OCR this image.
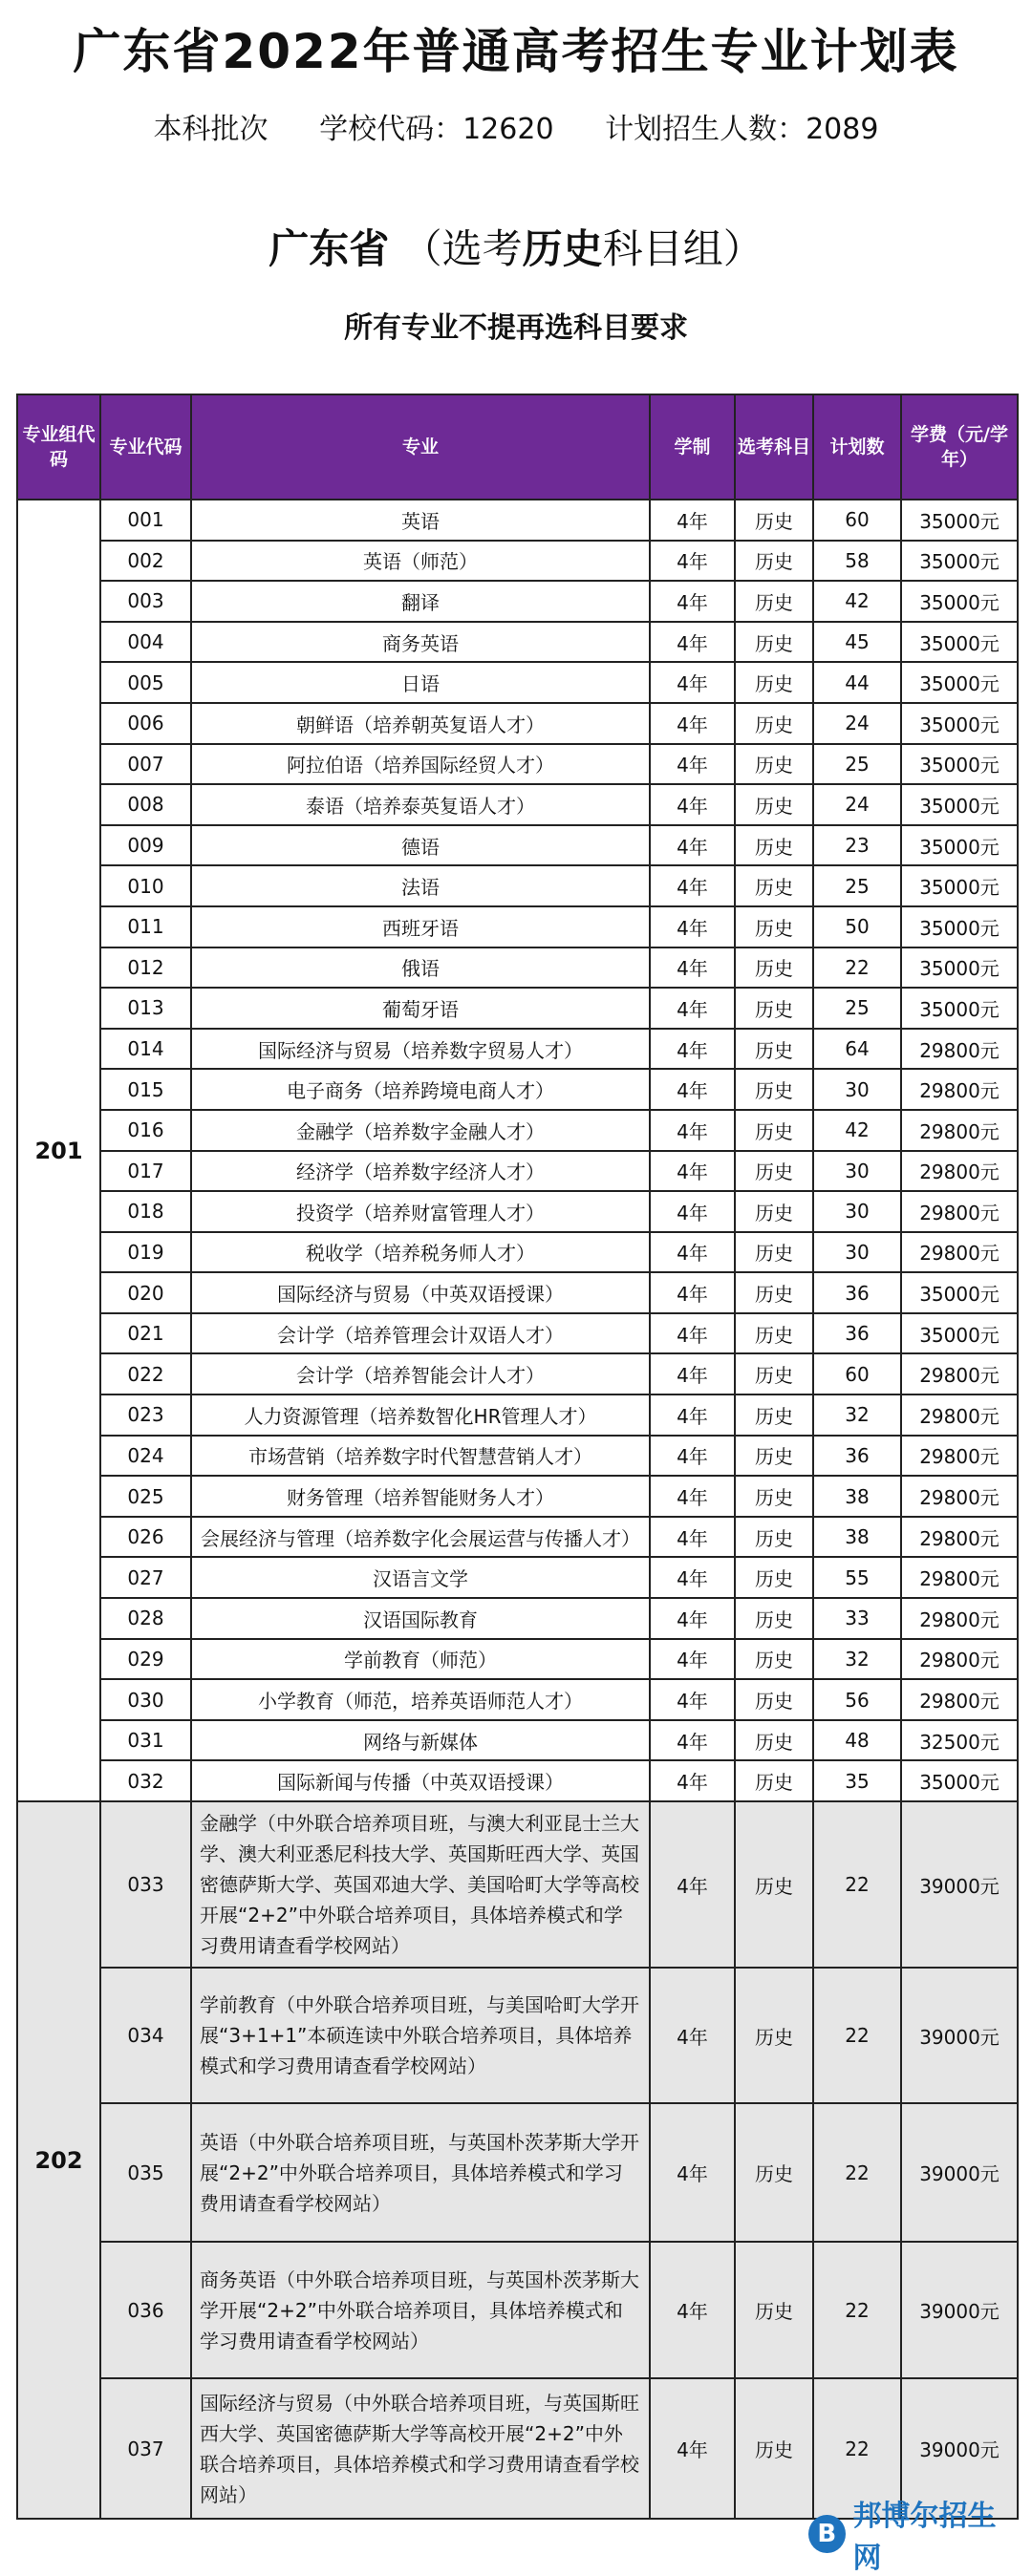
广东省2022年普通高考招生专业计划表
本科批次 学校代码：12620 计划招生人数：2089
广东省 （选考历史科目组）
所有专业不提再选科目要求
专业组代码	专业代码	专业	学制	选考科目	计划数	学费（元/学年）
201	001	英语	4年	历史	60	35000元
	002	英语（师范）	4年	历史	58	35000元
	003	翻译	4年	历史	42	35000元
	004	商务英语	4年	历史	45	35000元
	005	日语	4年	历史	44	35000元
	006	朝鲜语（培养朝英复语人才）	4年	历史	24	35000元
	007	阿拉伯语（培养国际经贸人才）	4年	历史	25	35000元
	008	泰语（培养泰英复语人才）	4年	历史	24	35000元
	009	德语	4年	历史	23	35000元
	010	法语	4年	历史	25	35000元
	011	西班牙语	4年	历史	50	35000元
	012	俄语	4年	历史	22	35000元
	013	葡萄牙语	4年	历史	25	35000元
	014	国际经济与贸易（培养数字贸易人才）	4年	历史	64	29800元
	015	电子商务（培养跨境电商人才）	4年	历史	30	29800元
	016	金融学（培养数字金融人才）	4年	历史	42	29800元
	017	经济学（培养数字经济人才）	4年	历史	30	29800元
	018	投资学（培养财富管理人才）	4年	历史	30	29800元
	019	税收学（培养税务师人才）	4年	历史	30	29800元
	020	国际经济与贸易（中英双语授课）	4年	历史	36	35000元
	021	会计学（培养管理会计双语人才）	4年	历史	36	35000元
	022	会计学（培养智能会计人才）	4年	历史	60	29800元
	023	人力资源管理（培养数智化HR管理人才）	4年	历史	32	29800元
	024	市场营销（培养数字时代智慧营销人才）	4年	历史	36	29800元
	025	财务管理（培养智能财务人才）	4年	历史	38	29800元
	026	会展经济与管理（培养数字化会展运营与传播人才）	4年	历史	38	29800元
	027	汉语言文学	4年	历史	55	29800元
	028	汉语国际教育	4年	历史	33	29800元
	029	学前教育（师范）	4年	历史	32	29800元
	030	小学教育（师范，培养英语师范人才）	4年	历史	56	29800元
	031	网络与新媒体	4年	历史	48	32500元
	032	国际新闻与传播（中英双语授课）	4年	历史	35	35000元
202	033	金融学（中外联合培养项目班，与澳大利亚昆士兰大学、澳大利亚悉尼科技大学、英国斯旺西大学、英国密德萨斯大学、英国邓迪大学、美国哈町大学等高校开展“2+2”中外联合培养项目，具体培养模式和学习费用请查看学校网站）	4年	历史	22	39000元
	034	学前教育（中外联合培养项目班，与美国哈町大学开展“3+1+1”本硕连读中外联合培养项目，具体培养模式和学习费用请查看学校网站）	4年	历史	22	39000元
	035	英语（中外联合培养项目班，与英国朴茨茅斯大学开展“2+2”中外联合培养项目，具体培养模式和学习费用请查看学校网站）	4年	历史	22	39000元
	036	商务英语（中外联合培养项目班，与英国朴茨茅斯大学开展“2+2”中外联合培养项目，具体培养模式和学习费用请查看学校网站）	4年	历史	22	39000元
	037	国际经济与贸易（中外联合培养项目班，与英国斯旺西大学、英国密德萨斯大学等高校开展“2+2”中外联合培养项目，具体培养模式和学习费用请查看学校网站）	4年	历史	22	39000元
B
邦博尔招生网
